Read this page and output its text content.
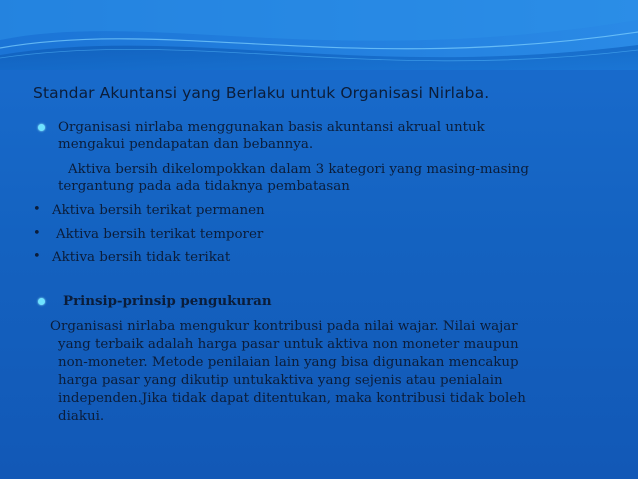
Standar Akuntansi yang Berlaku untuk Organisasi Nirlaba.
Organisasi nirlaba menggunakan basis akuntansi akrual untuk
mengakui pendapatan dan bebannya.
Aktiva bersih dikelompokkan dalam 3 kategori yang masing-masing
tergantung pada ada tidaknya pembatasan
• Aktiva bersih terikat permanen
• Aktiva bersih terikat temporer
• Aktiva bersih tidak terikat
Prinsip-prinsip pengukuran
Organisasi nirlaba mengukur kontribusi pada nilai wajar. Nilai wajar
yang terbaik adalah harga pasar untuk aktiva non moneter maupun
non-moneter. Metode penilaian lain yang bisa digunakan mencakup
harga pasar yang dikutip untukaktiva yang sejenis atau penialain
independen.Jika tidak dapat ditentukan, maka kontribusi tidak boleh
diakui.
